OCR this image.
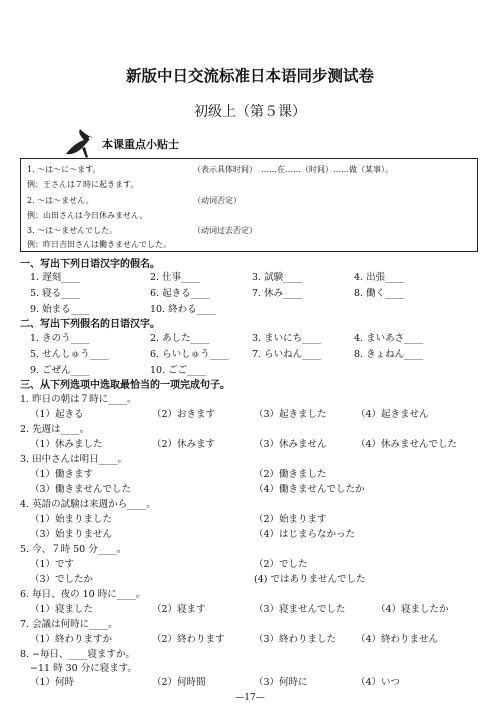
新版中日交流标准日本语同步测试卷
初级上（第５课）
本课重点小贴士
1. 〜は〜に〜ます。	（表示具体时间）　……在……（时间）……做（某事）。
例：王さんは７時に起きます。
2. 〜は〜ません。	（动词否定）
例：山田さんは今日休みません。
3. 〜は〜ませんでした。	（动词过去否定）
例：昨日吉田さんは働きませんでした。
一、写出下列日语汉字的假名。
1. 遅刻____	2. 仕事____	3. 試験____	4. 出張____
5. 寝る____	6. 起きる____	7. 休み____	8. 働く____
9. 始まる____	10. 終わる____
二、写出下列假名的日语汉字。
1. きのう____	2. あした____	3. まいにち____	4. まいあさ____
5. せんしゅう____	6. らいしゅう____ 7. らいねん____	8. きょねん____
9. ごぜん____	10. ごご____
三、从下列选项中选取最恰当的一项完成句子。
1. 昨日の朝は７時に____。
（1）起きる	（2）おきます	（3）起きました	（4）起きません
2. 先週は____。
（1）休みました	（2）休みます	（3）休みません	（4）休みませんでした
3. 田中さんは明日____。
（1）働きます	（2）働きました
（3）働きませんでした	（4）働きませんでしたか
4. 英語の試験は来週から____。
（1）始まりました	（2）始まります
（3）始まりません	（4）はじまらなかった
5. 今、７時 50 分____。
（1）です	（2）でした
（3）でしたか	(4) ではありませんでした
6. 毎日、夜の 10 時に____。
（1）寝ました	（2）寝ます	（3）寝ませんでした	（4）寝ましたか
7. 会議は何時に____。
（1）終わりますか	（2）終わります	（3）終わりました （4）終わりません
8. −毎日、____寝ますか。
−11 時 30 分に寝ます。
（1）何時	（2）何時間	（3）何時に	（4）いつ
—17—
